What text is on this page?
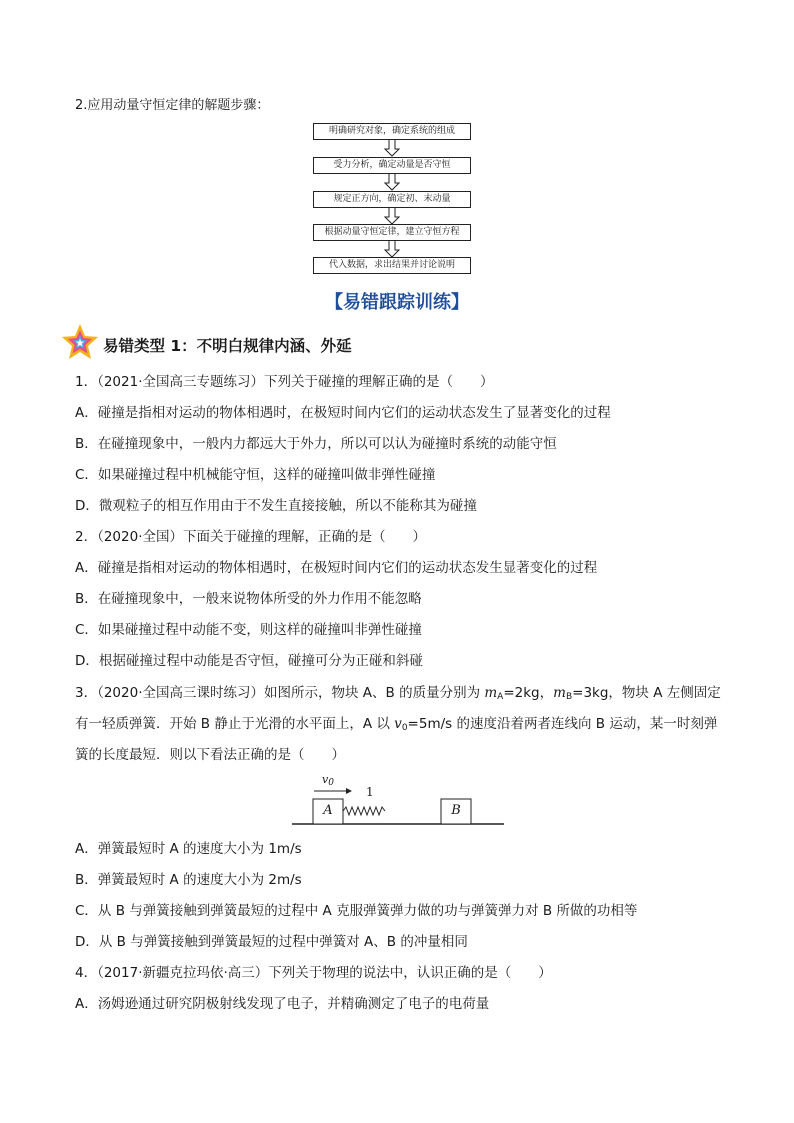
2.应用动量守恒定律的解题步骤：
明确研究对象，确定系统的组成
受力分析，确定动量是否守恒
规定正方向，确定初、末动量
根据动量守恒定律，建立守恒方程
代入数据，求出结果并讨论说明
【易错跟踪训练】
易错类型 1：不明白规律内涵、外延
1．（2021·全国高三专题练习）下列关于碰撞的理解正确的是（　　）
A．碰撞是指相对运动的物体相遇时，在极短时间内它们的运动状态发生了显著变化的过程
B．在碰撞现象中，一般内力都远大于外力，所以可以认为碰撞时系统的动能守恒
C．如果碰撞过程中机械能守恒，这样的碰撞叫做非弹性碰撞
D．微观粒子的相互作用由于不发生直接接触，所以不能称其为碰撞
2．（2020·全国）下面关于碰撞的理解，正确的是（　　）
A．碰撞是指相对运动的物体相遇时，在极短时间内它们的运动状态发生显著变化的过程
B．在碰撞现象中，一般来说物体所受的外力作用不能忽略
C．如果碰撞过程中动能不变，则这样的碰撞叫非弹性碰撞
D．根据碰撞过程中动能是否守恒，碰撞可分为正碰和斜碰
3．（2020·全国高三课时练习）如图所示，物块 A、B 的质量分别为 $m_A=2kg$，$m_B=3kg$，物块 A 左侧固定
有一轻质弹簧．开始 B 静止于光滑的水平面上，A 以 $v_0=5m/s$ 的速度沿着两者连线向 B 运动，某一时刻弹
簧的长度最短．则以下看法正确的是（　　）
$v_0$
1
A	B
A．弹簧最短时 A 的速度大小为 1m/s
B．弹簧最短时 A 的速度大小为 2m/s
C．从 B 与弹簧接触到弹簧最短的过程中 A 克服弹簧弹力做的功与弹簧弹力对 B 所做的功相等
D．从 B 与弹簧接触到弹簧最短的过程中弹簧对 A、B 的冲量相同
4．（2017·新疆克拉玛依·高三）下列关于物理的说法中，认识正确的是（　　）
A．汤姆逊通过研究阴极射线发现了电子，并精确测定了电子的电荷量
